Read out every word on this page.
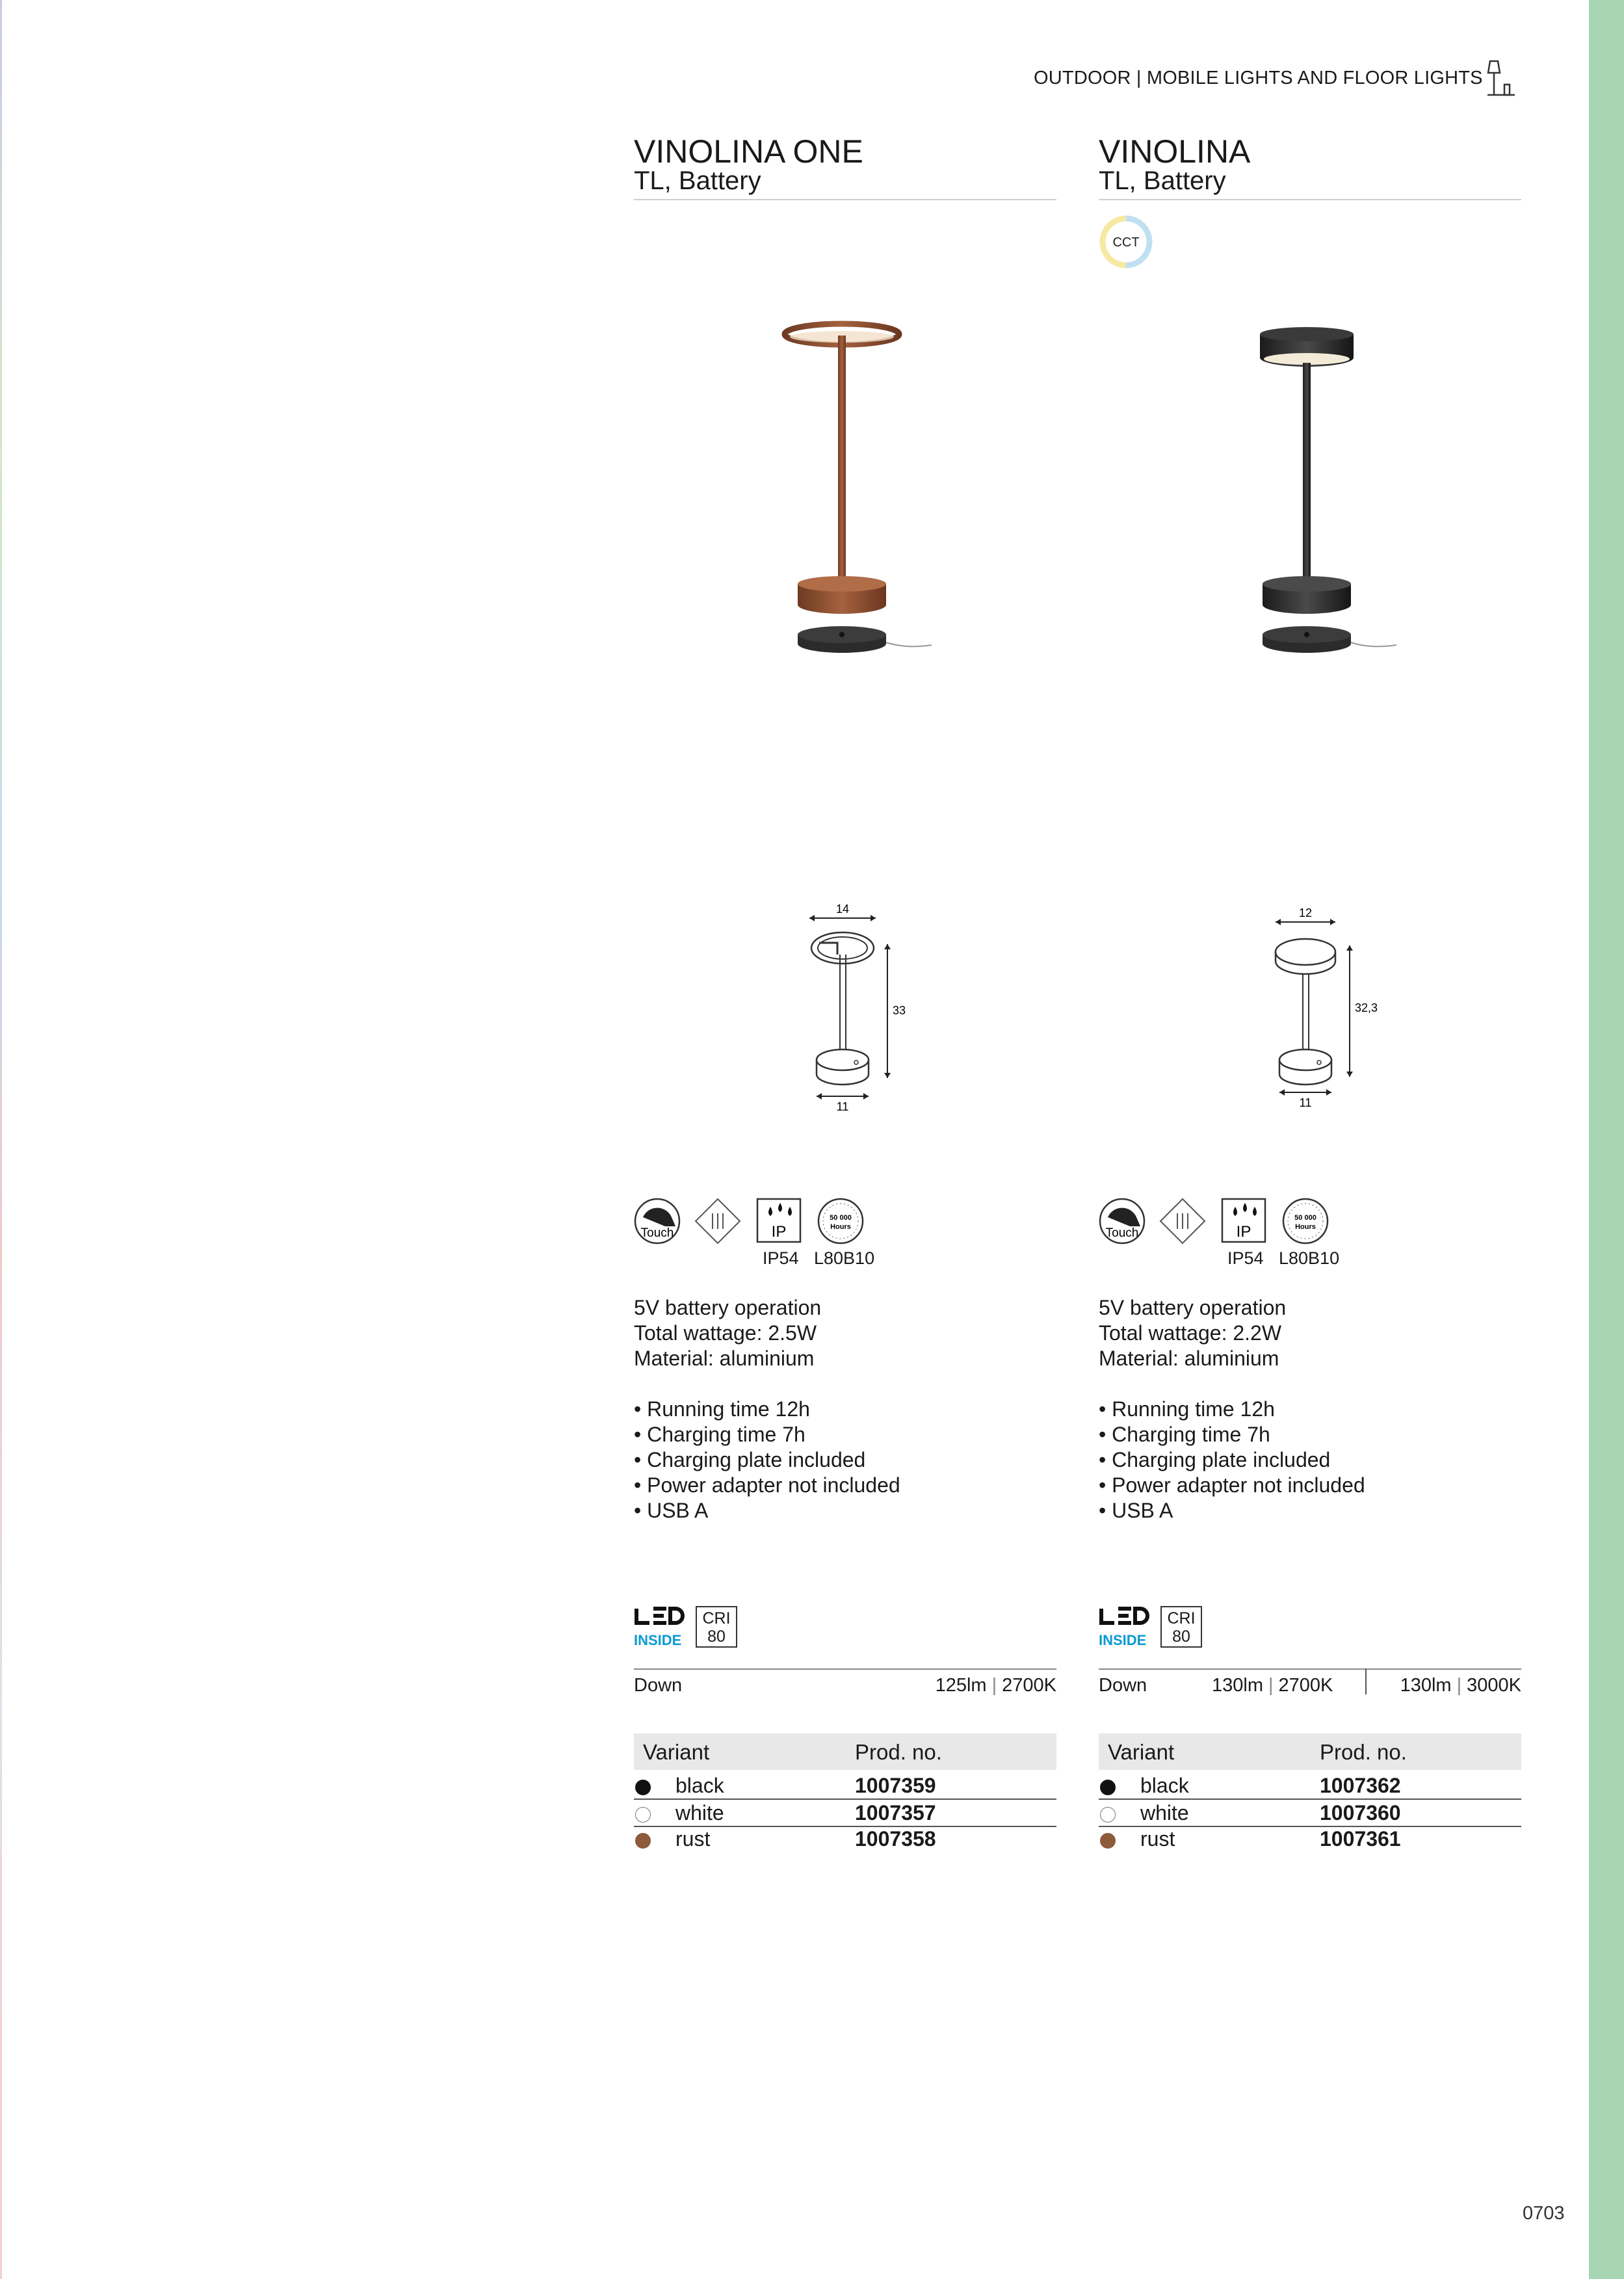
OUTDOOR | MOBILE LIGHTS AND FLOOR LIGHTS
VINOLINA ONE
TL, Battery
14
33
11
Touch	IP
50 000
Hours
IP54 L80B10
5V battery operation
Total wattage: 2.5W
Material: aluminium
• Running time 12h
• Charging time 7h
• Charging plate included
• Power adapter not included
• USB A
INSIDE
CRI
80
Down	125lm | 2700K
Variant	Prod. no.
black	1007359
white	1007357
rust	1007358
VINOLINA
TL, Battery
CCT
12
32,3
11
Touch	IP
50 000
Hours
IP54 L80B10
5V battery operation
Total wattage: 2.2W
Material: aluminium
• Running time 12h
• Charging time 7h
• Charging plate included
• Power adapter not included
• USB A
INSIDE
CRI
80
Down	130lm | 2700K	130lm | 3000K
Variant	Prod. no.
black	1007362
white	1007360
rust	1007361
0703
